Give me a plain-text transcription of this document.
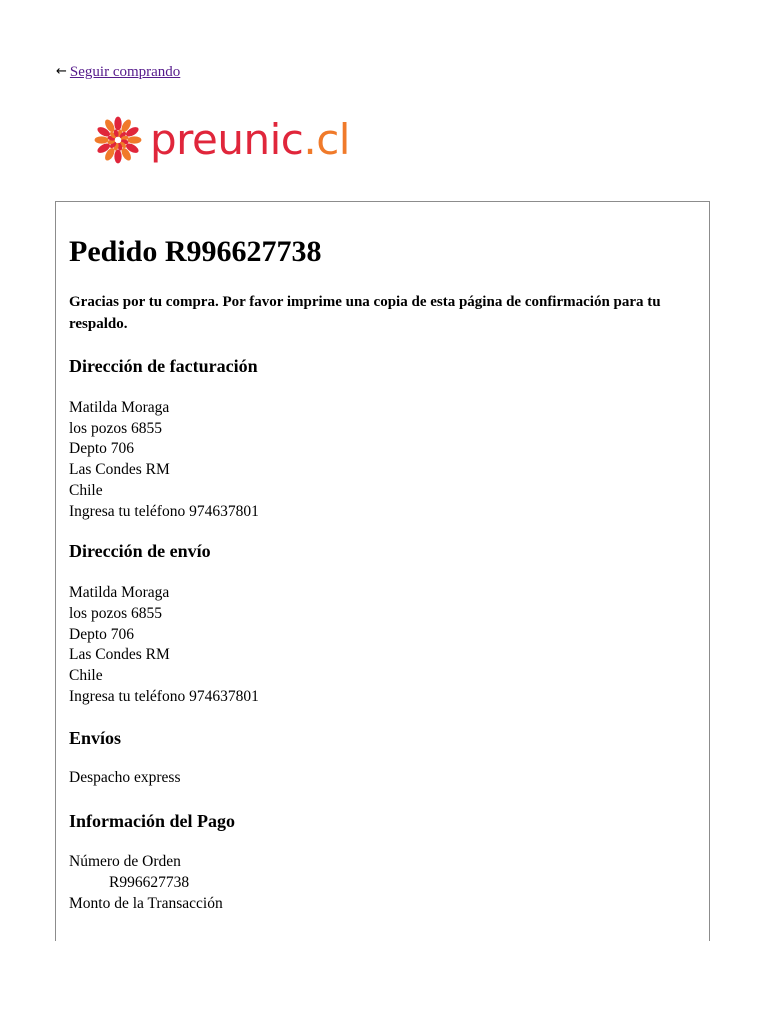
← Seguir comprando
preunic.cl
Pedido R996627738
Gracias por tu compra. Por favor imprime una copia de esta página de confirmación para tu respaldo.
Dirección de facturación
Matilda Moraga
los pozos 6855
Depto 706
Las Condes RM
Chile
Ingresa tu teléfono 974637801
Dirección de envío
Matilda Moraga
los pozos 6855
Depto 706
Las Condes RM
Chile
Ingresa tu teléfono 974637801
Envíos
Despacho express
Información del Pago
Número de Orden
R996627738
Monto de la Transacción
